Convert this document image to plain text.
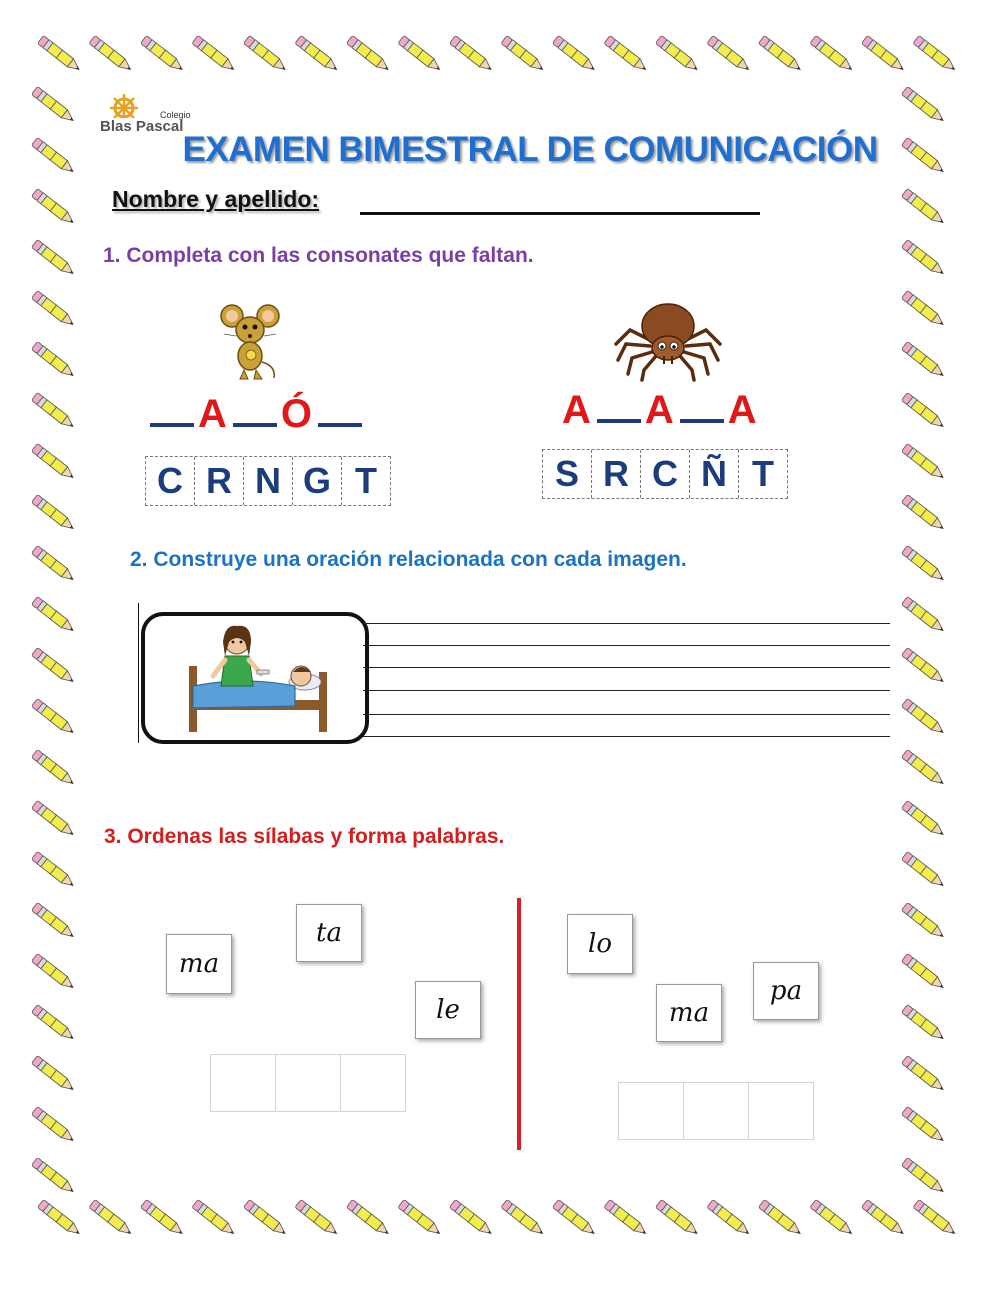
Colegio
Blas Pascal
EXAMEN BIMESTRAL DE COMUNICACIÓN
Nombre y apellido:
1. Completa con las consonates que faltan.
A Ó
C R N G T
A A A
S R C Ñ T
2. Construye una oración relacionada con cada imagen.
3. Ordenas las sílabas y forma palabras.
ma
ta
le
lo
ma
pa
